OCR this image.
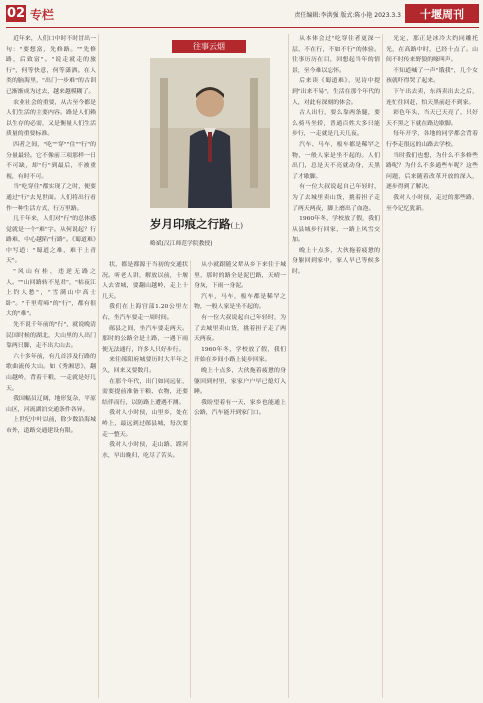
02 专栏	责任编辑:李洪强 版式:陈小艳 2023.3.3	十堰周刊

近年来，人们口中时不时冒出一句："要想富，先修路。""先修路，后致富"。"说走就走的旅行"，何等快意，何等潇洒。在人类的脑海里，"出门一步难"的古训已渐渐成为过去，越来越模糊了。

农业社会的重要，从古至今都是人们生活的主要内容。路是人们赖以生存的必需，又是衡量人们生活质量的重要标准。

四者之间，"吃""穿""住""行"的分量最轻。它不像前三项那样一日不可缺，却"行"到最后，不被重视，有时不可。

当"吃穿住"都实现了之时，便要通过"行"去见世面。人们将出行看作一种生活方式，行万里路。

几千年来，人们对"行"的总体感觉就是一个"难"字。从何说起？行路难，中心越陷"行路"。《蜀道难》中写道："蜀道之难，难于上青天"。

"风山有桂，违逆无路之人。""山回路转不见君"，"枯夜江上钓人愁"，"雪满山中高士卧"。"千里莺啼"的"行"，都有很大的"难"。

先不说千年前的"行"，就说晚清民国时候的湖北，大山里的人出门靠两只脚，走不出大山去。

六十多年前，有几首涉及行路的歌曲流传大山。如《秀湘思》，翻山越岭，背着干粮，一走就是好几天。

我国幅员辽阔，地形复杂，平原山区，河流湖泊交通条件各异。

上世纪中叶以前，除少数沿海城市外，道路交通建设有限。

往事云烟
岁月印痕之行路(上)
略斌(汉江师范学院教授)

状，都是都源于当初的交通状况。听老人讲，解放以前，十堰人去省城，要翻山越岭，走上十几天。

我们在上海宫部1.20公里左右，坐汽车要走一周时间。

郧县之间，坐汽车要走两天。那时的公路全是土路，一遇下雨便无法通行，许多人只好步行。

来往郧阳府城要历时大半年之久，回来又要数月。

在那个年代，出门如同远征，需要提前准备干粮、衣物，还要结伴而行，以防路上遭遇不测。

我对人小时侯，山里乡，处在岭上，最远到过郧县城，每次要走一整天。

我对人小时侯，走山路、蹚河水，早出晚归，吃尽了苦头。

从小就跟随父辈从乡下来往于城里，那时的路全是泥巴路，天晴一身灰，下雨一身泥。

汽车，马车，板车都是稀罕之物，一般人家是坐不起的。

有一位大叔说起自己年轻时，为了去城里卖山货，挑着担子走了两天两夜。

1960年冬，学校放了假，我们开始在乡间小路上徒步回家。

晚上十点多，大伙拖着疲惫的身躯回到村里，家家户户早已熄灯入睡。

我盼望着有一天，家乡也能通上公路，汽车能开到家门口。

从本体会过"吃穿住者更深一层，不在行，不如不行"的体验。往事历历在目，回想起当年的情景，至今难以忘怀。

后来读《蜀道难》，见诗中提到"出来不易"，生活在那个年代的人，对此有深刻的体会。

古人出行，要么靠两条腿，要么骑马坐轿，普通百姓大多只能步行，一走就是几天几夜。

汽车、马车，板车都是稀罕之物，一般人家是坐不起的。人们出门，总是天不亮就动身，天黑了才歇脚。

有一位大叔说起自己年轻时，为了去城里卖山货，挑着担子走了两天两夜，脚上磨出了血泡。

1960年冬，学校放了假，我们从县城步行回家，一路上风雪交加。

晚上十点多，大伙拖着疲惫的身躯回到家中，家人早已等候多时。

光定，那正是冰冷大约同雕托光，在高路中时，已经十点了。山间不时传来野狼的嚎叫声。

不知道喊了一声"饿我"，几个女孩就吓得哭了起来。

下午出去卖，东西卖出去之后，连忙往回赶，怕天黑前赶不到家。

彩色年头，当天已天亮了，只好天不黑之下就在路边歇脚。

每年开学，各地的同学都会背着行李走很远的山路去学校。

当时我们也想，为什么不多修些路呢？为什么不多通些车呢？这些问题，后来随着改革开放的深入，逐步得到了解决。

我对人小时侯，走过的那些路，至今记忆犹新。
